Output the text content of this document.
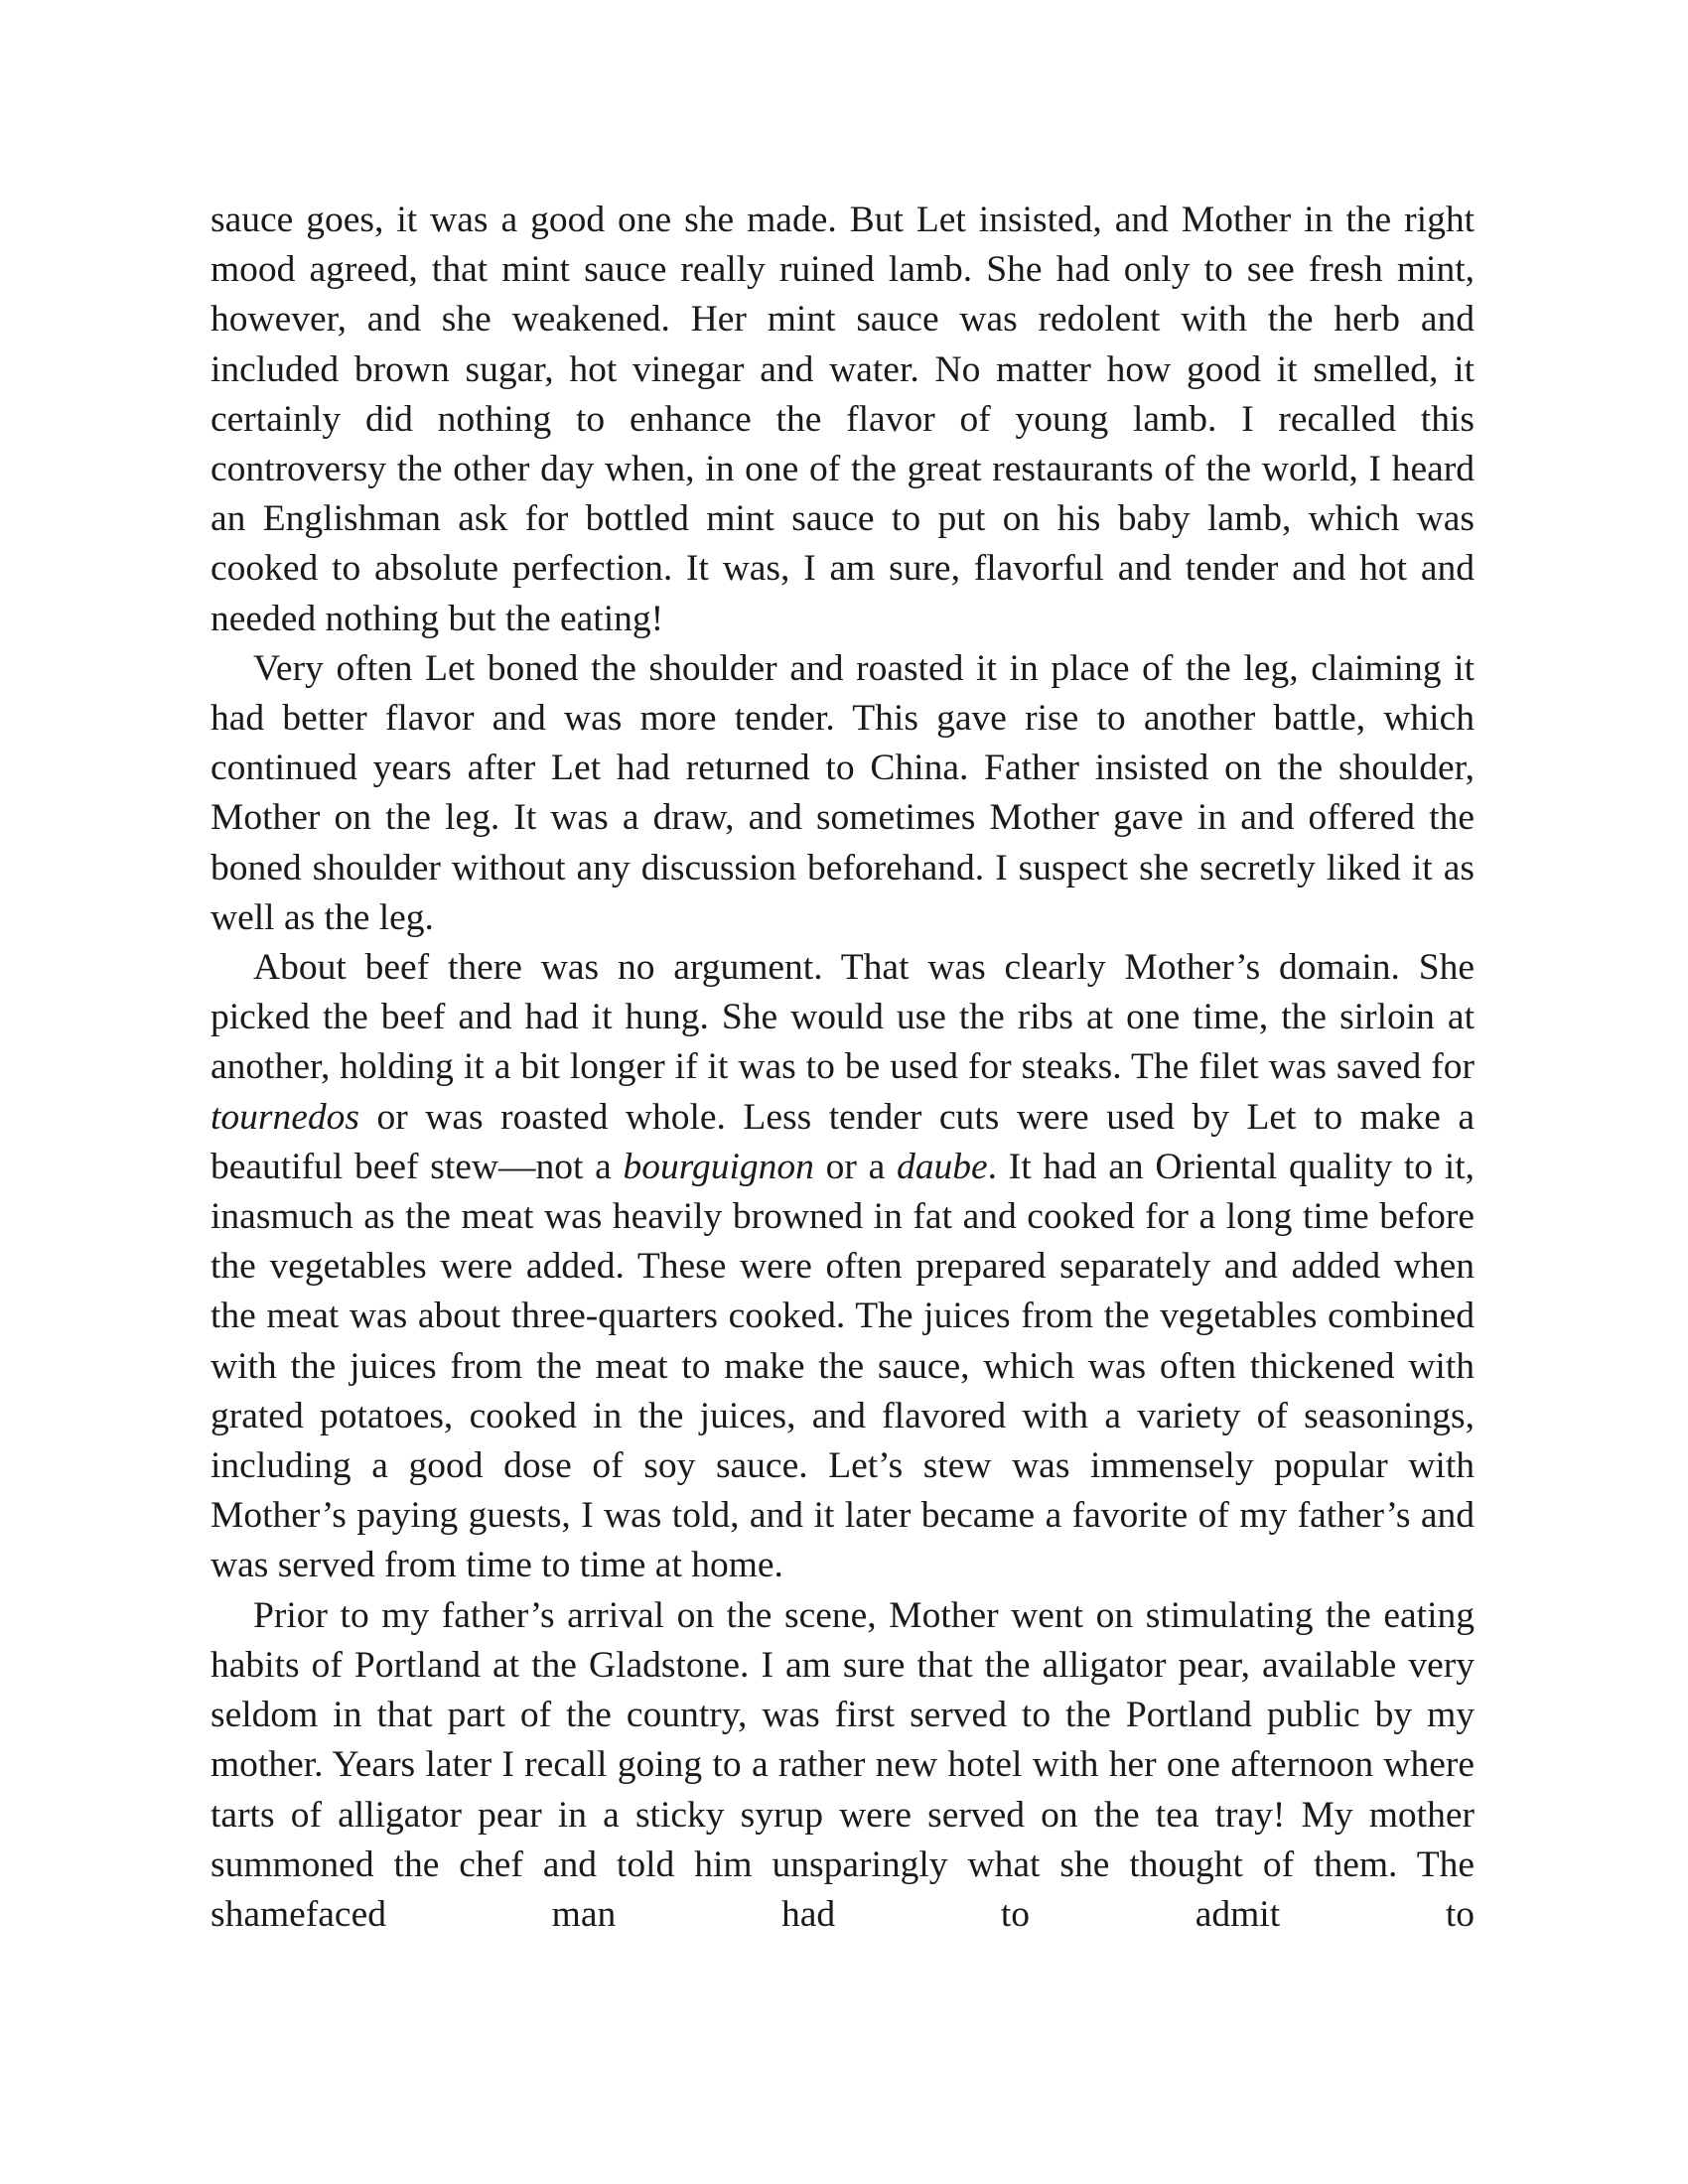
sauce goes, it was a good one she made. But Let insisted, and Mother in the right mood agreed, that mint sauce really ruined lamb. She had only to see fresh mint, however, and she weakened. Her mint sauce was redolent with the herb and included brown sugar, hot vinegar and water. No matter how good it smelled, it certainly did nothing to enhance the flavor of young lamb. I recalled this controversy the other day when, in one of the great restaurants of the world, I heard an Englishman ask for bottled mint sauce to put on his baby lamb, which was cooked to absolute perfection. It was, I am sure, flavorful and tender and hot and needed nothing but the eating!

Very often Let boned the shoulder and roasted it in place of the leg, claiming it had better flavor and was more tender. This gave rise to another battle, which continued years after Let had returned to China. Father insisted on the shoulder, Mother on the leg. It was a draw, and sometimes Mother gave in and offered the boned shoulder without any discussion beforehand. I suspect she secretly liked it as well as the leg.

About beef there was no argument. That was clearly Mother’s domain. She picked the beef and had it hung. She would use the ribs at one time, the sirloin at another, holding it a bit longer if it was to be used for steaks. The filet was saved for tournedos or was roasted whole. Less tender cuts were used by Let to make a beautiful beef stew—not a bourguignon or a daube. It had an Oriental quality to it, inasmuch as the meat was heavily browned in fat and cooked for a long time before the vegetables were added. These were often prepared separately and added when the meat was about three-quarters cooked. The juices from the vegetables combined with the juices from the meat to make the sauce, which was often thickened with grated potatoes, cooked in the juices, and flavored with a variety of seasonings, including a good dose of soy sauce. Let’s stew was immensely popular with Mother’s paying guests, I was told, and it later became a favorite of my father’s and was served from time to time at home.

Prior to my father’s arrival on the scene, Mother went on stimulating the eating habits of Portland at the Gladstone. I am sure that the alligator pear, available very seldom in that part of the country, was first served to the Portland public by my mother. Years later I recall going to a rather new hotel with her one afternoon where tarts of alligator pear in a sticky syrup were served on the tea tray! My mother summoned the chef and told him unsparingly what she thought of them. The shamefaced man had to admit to
